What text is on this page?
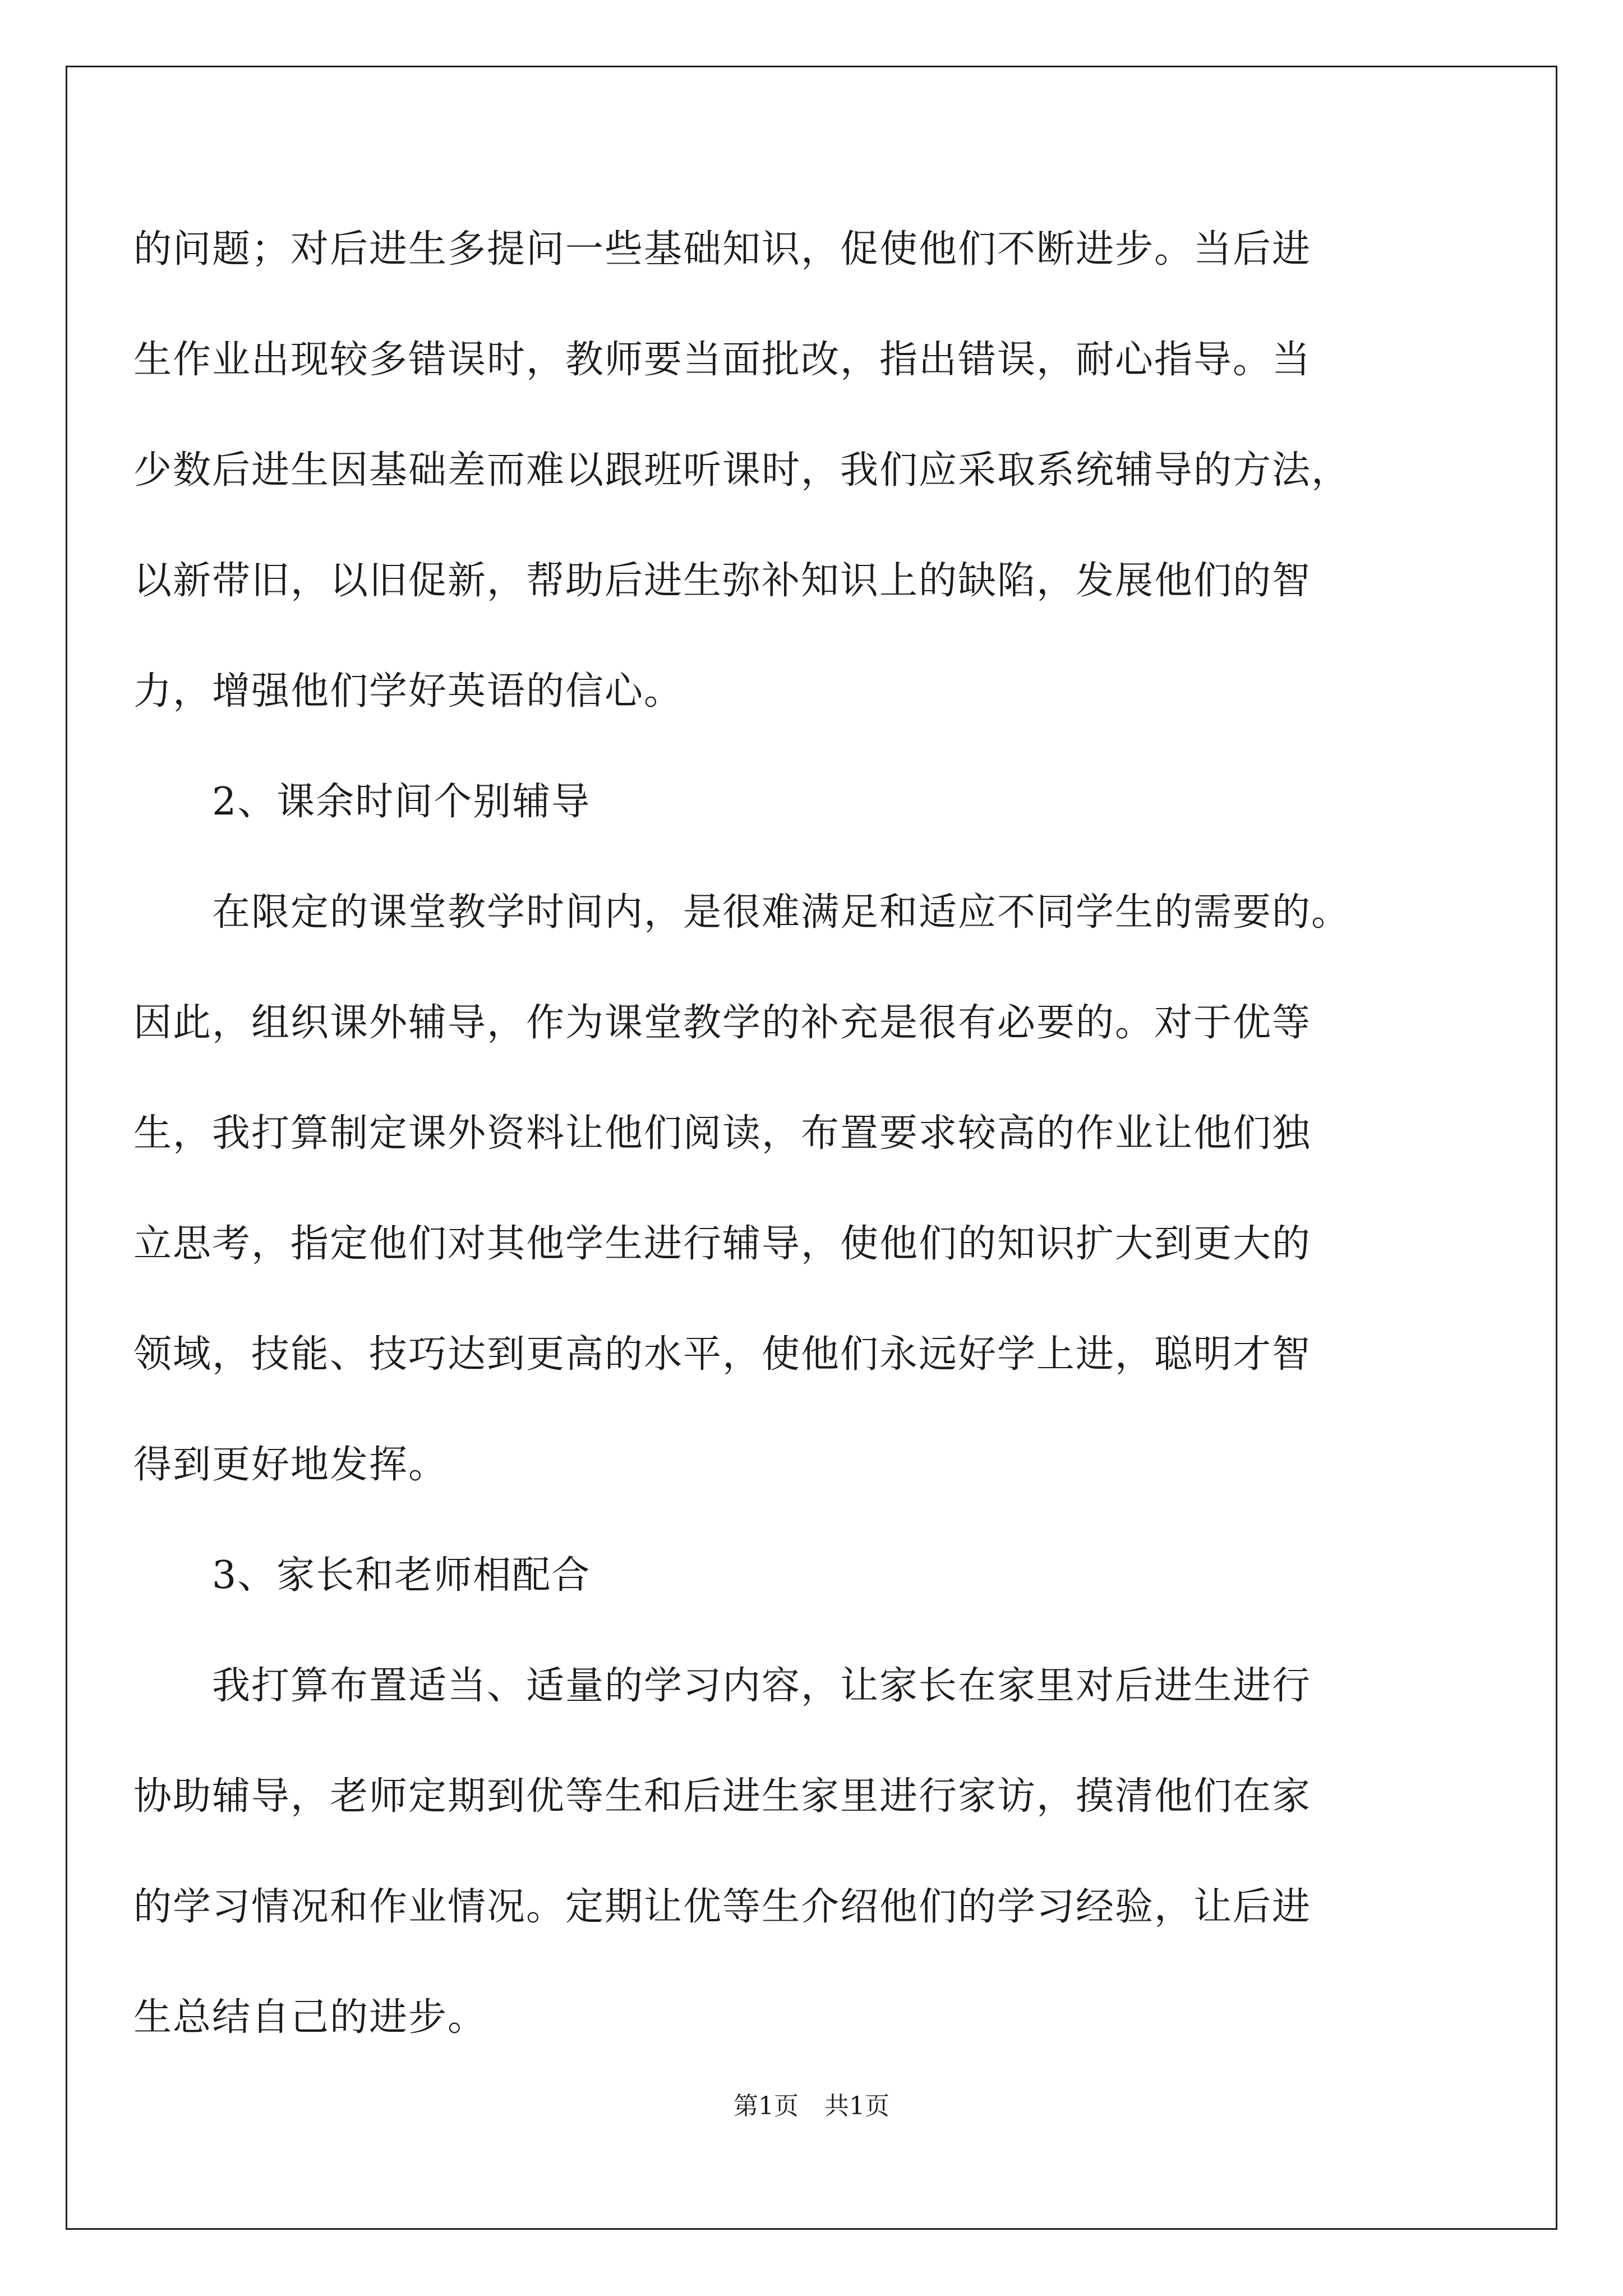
的问题；对后进生多提问一些基础知识，促使他们不断进步。当后进
生作业出现较多错误时，教师要当面批改，指出错误，耐心指导。当
少数后进生因基础差而难以跟班听课时，我们应采取系统辅导的方法，
以新带旧，以旧促新，帮助后进生弥补知识上的缺陷，发展他们的智
力，增强他们学好英语的信心。
　　2、课余时间个别辅导
　　在限定的课堂教学时间内，是很难满足和适应不同学生的需要的。
因此，组织课外辅导，作为课堂教学的补充是很有必要的。对于优等
生，我打算制定课外资料让他们阅读，布置要求较高的作业让他们独
立思考，指定他们对其他学生进行辅导，使他们的知识扩大到更大的
领域，技能、技巧达到更高的水平，使他们永远好学上进，聪明才智
得到更好地发挥。
　　3、家长和老师相配合
　　我打算布置适当、适量的学习内容，让家长在家里对后进生进行
协助辅导，老师定期到优等生和后进生家里进行家访，摸清他们在家
的学习情况和作业情况。定期让优等生介绍他们的学习经验，让后进
生总结自己的进步。
第1页 共1页
